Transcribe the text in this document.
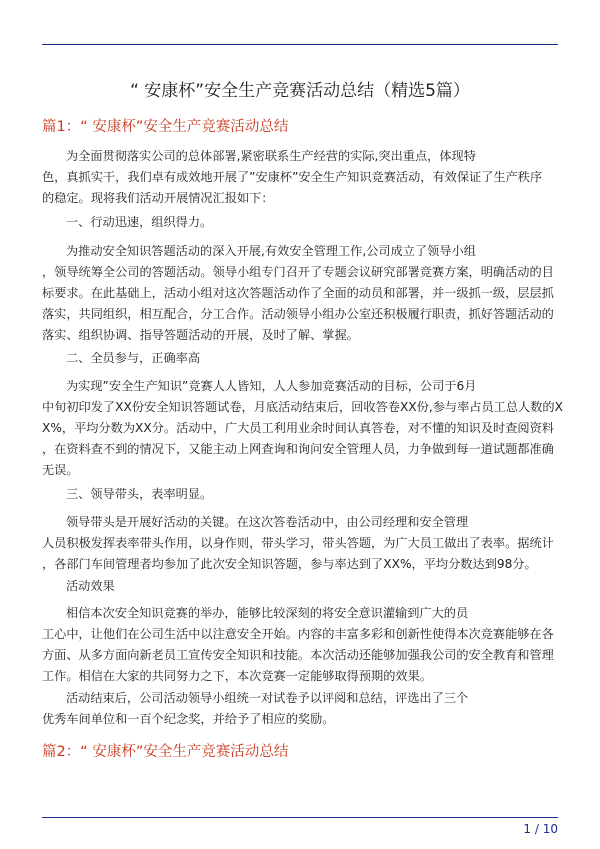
“ 安康杯”安全生产竞赛活动总结（精选5篇）
篇1：“ 安康杯”安全生产竞赛活动总结

为全面贯彻落实公司的总体部署,紧密联系生产经营的实际,突出重点，体现特
色，真抓实干，我们卓有成效地开展了”安康杯”安全生产知识竞赛活动，有效保证了生产秩序
的稳定。现将我们活动开展情况汇报如下：

一、行动迅速，组织得力。

为推动安全知识答题活动的深入开展,有效安全管理工作,公司成立了领导小组
，领导统筹全公司的答题活动。领导小组专门召开了专题会议研究部署竞赛方案，明确活动的目
标要求。在此基础上，活动小组对这次答题活动作了全面的动员和部署，并一级抓一级，层层抓
落实，共同组织，相互配合，分工合作。活动领导小组办公室还积极履行职责，抓好答题活动的
落实、组织协调、指导答题活动的开展，及时了解、掌握。

二、全员参与，正确率高

为实现”安全生产知识”竞赛人人皆知，人人参加竞赛活动的目标，公司于6月
中旬初印发了XX份安全知识答题试卷，月底活动结束后，回收答卷XX份,参与率占员工总人数的X
X%，平均分数为XX分。活动中，广大员工利用业余时间认真答卷，对不懂的知识及时查阅资料
，在资料查不到的情况下，又能主动上网查询和询问安全管理人员，力争做到每一道试题都准确
无误。

三、领导带头，表率明显。

领导带头是开展好活动的关键。在这次答卷活动中，由公司经理和安全管理
人员积极发挥表率带头作用，以身作则，带头学习，带头答题，为广大员工做出了表率。据统计
，各部门车间管理者均参加了此次安全知识答题，参与率达到了XX%，平均分数达到98分。

活动效果

相信本次安全知识竞赛的举办，能够比较深刻的将安全意识灌输到广大的员
工心中，让他们在公司生活中以注意安全开始。内容的丰富多彩和创新性使得本次竞赛能够在各
方面、从多方面向新老员工宣传安全知识和技能。本次活动还能够加强我公司的安全教育和管理
工作。相信在大家的共同努力之下，本次竞赛一定能够取得预期的效果。

活动结束后，公司活动领导小组统一对试卷予以评阅和总结，评选出了三个
优秀车间单位和一百个纪念奖，并给予了相应的奖励。

篇2：“ 安康杯”安全生产竞赛活动总结
1 / 10
